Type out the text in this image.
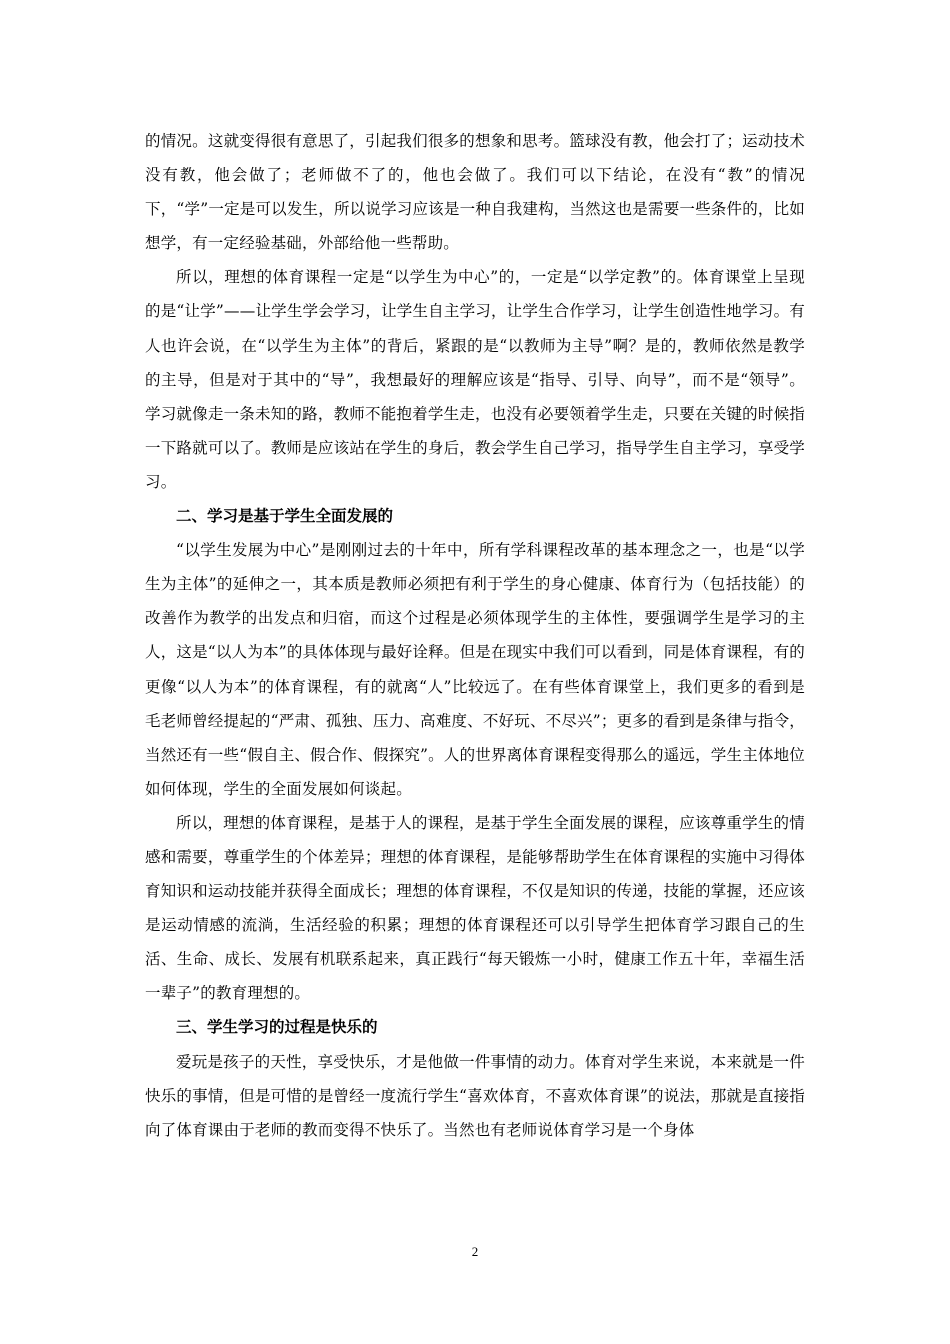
的情况。这就变得很有意思了，引起我们很多的想象和思考。篮球没有教，他会打了；运动技术没有教，他会做了；老师做不了的，他也会做了。我们可以下结论，在没有“教”的情况下，“学”一定是可以发生，所以说学习应该是一种自我建构，当然这也是需要一些条件的，比如想学，有一定经验基础，外部给他一些帮助。

所以，理想的体育课程一定是“以学生为中心”的，一定是“以学定教”的。体育课堂上呈现的是“让学”——让学生学会学习，让学生自主学习，让学生合作学习，让学生创造性地学习。有人也许会说，在“以学生为主体”的背后，紧跟的是“以教师为主导”啊？是的，教师依然是教学的主导，但是对于其中的“导”，我想最好的理解应该是“指导、引导、向导”，而不是“领导”。 学习就像走一条未知的路，教师不能抱着学生走，也没有必要领着学生走，只要在关键的时候指一下路就可以了。教师是应该站在学生的身后，教会学生自己学习，指导学生自主学习，享受学习。

二、学习是基于学生全面发展的

“以学生发展为中心”是刚刚过去的十年中，所有学科课程改革的基本理念之一，也是“以学生为主体”的延伸之一，其本质是教师必须把有利于学生的身心健康、体育行为（包括技能）的改善作为教学的出发点和归宿，而这个过程是必须体现学生的主体性，要强调学生是学习的主人，这是“以人为本”的具体体现与最好诠释。但是在现实中我们可以看到，同是体育课程，有的更像“以人为本”的体育课程，有的就离“人”比较远了。在有些体育课堂上，我们更多的看到是毛老师曾经提起的“严肃、孤独、压力、高难度、不好玩、不尽兴”；更多的看到是条律与指令，当然还有一些“假自主、假合作、假探究”。人的世界离体育课程变得那么的遥远，学生主体地位如何体现，学生的全面发展如何谈起。

所以，理想的体育课程，是基于人的课程，是基于学生全面发展的课程，应该尊重学生的情感和需要，尊重学生的个体差异；理想的体育课程，是能够帮助学生在体育课程的实施中习得体育知识和运动技能并获得全面成长；理想的体育课程，不仅是知识的传递，技能的掌握，还应该是运动情感的流淌，生活经验的积累；理想的体育课程还可以引导学生把体育学习跟自己的生活、生命、成长、发展有机联系起来，真正践行“每天锻炼一小时，健康工作五十年，幸福生活一辈子”的教育理想的。

三、学生学习的过程是快乐的

爱玩是孩子的天性，享受快乐，才是他做一件事情的动力。体育对学生来说，本来就是一件快乐的事情，但是可惜的是曾经一度流行学生“喜欢体育，不喜欢体育课”的说法，那就是直接指向了体育课由于老师的教而变得不快乐了。当然也有老师说体育学习是一个身体

2
